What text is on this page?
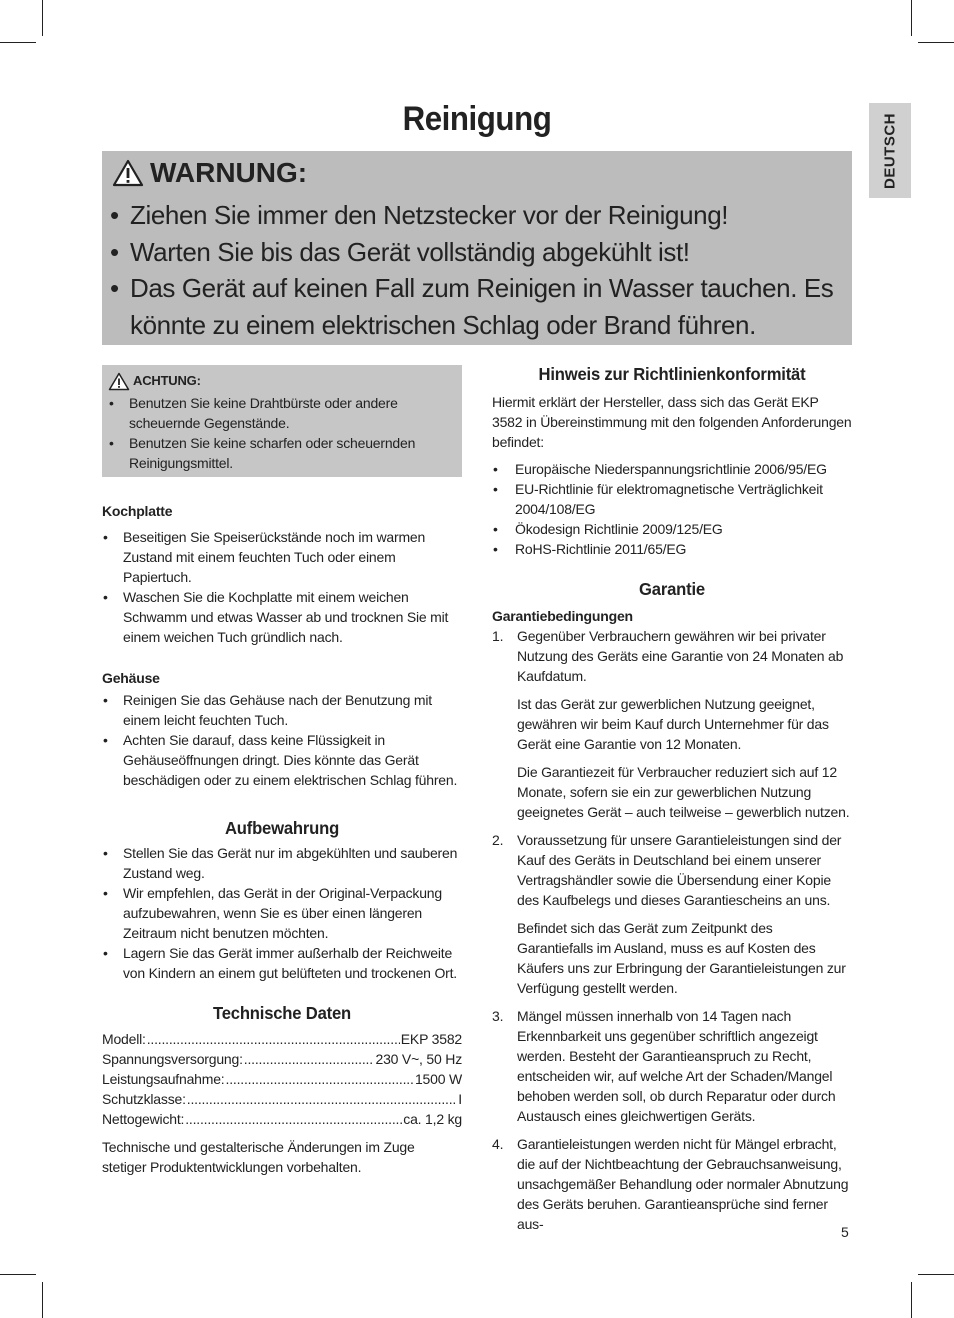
DEUTSCH
Reinigung
WARNUNG:
• Ziehen Sie immer den Netzstecker vor der Reinigung!
• Warten Sie bis das Gerät vollständig abgekühlt ist!
• Das Gerät auf keinen Fall zum Reinigen in Wasser tauchen. Es könnte zu einem elektrischen Schlag oder Brand führen.
ACHTUNG:
• Benutzen Sie keine Drahtbürste oder andere scheuernde Gegenstände.
• Benutzen Sie keine scharfen oder scheuernden Reinigungsmittel.
Kochplatte
• Beseitigen Sie Speiserückstände noch im warmen Zustand mit einem feuchten Tuch oder einem Papiertuch.
• Waschen Sie die Kochplatte mit einem weichen Schwamm und etwas Wasser ab und trocknen Sie mit einem weichen Tuch gründlich nach.
Gehäuse
• Reinigen Sie das Gehäuse nach der Benutzung mit einem leicht feuchten Tuch.
• Achten Sie darauf, dass keine Flüssigkeit in Gehäuseöffnungen dringt. Dies könnte das Gerät beschädigen oder zu einem elektrischen Schlag führen.
Aufbewahrung
• Stellen Sie das Gerät nur im abgekühlten und sauberen Zustand weg.
• Wir empfehlen, das Gerät in der Original-Verpackung aufzubewahren, wenn Sie es über einen längeren Zeitraum nicht benutzen möchten.
• Lagern Sie das Gerät immer außerhalb der Reichweite von Kindern an einem gut belüfteten und trockenen Ort.
Technische Daten
Modell: .....	EKP 3582
Spannungsversorgung: .....	230 V~, 50 Hz
Leistungsaufnahme: .....	1500 W
Schutzklasse: .....	I
Nettogewicht: .....	ca. 1,2 kg

Technische und gestalterische Änderungen im Zuge stetiger Produktentwicklungen vorbehalten.

Hinweis zur Richtlinienkonformität

Hiermit erklärt der Hersteller, dass sich das Gerät EKP 3582 in Übereinstimmung mit den folgenden Anforderungen befindet:

• Europäische Niederspannungsrichtlinie 2006/95/EG
• EU-Richtlinie für elektromagnetische Verträglichkeit 2004/108/EG
• Ökodesign Richtlinie 2009/125/EG
• RoHS-Richtlinie 2011/65/EG
Garantie
Garantiebedingungen
1. Gegenüber Verbrauchern gewähren wir bei privater Nutzung des Geräts eine Garantie von 24 Monaten ab Kaufdatum.

Ist das Gerät zur gewerblichen Nutzung geeignet, gewähren wir beim Kauf durch Unternehmer für das Gerät eine Garantie von 12 Monaten.

Die Garantiezeit für Verbraucher reduziert sich auf 12 Monate, sofern sie ein zur gewerblichen Nutzung geeignetes Gerät – auch teilweise – gewerblich nutzen.

2. Voraussetzung für unsere Garantieleistungen sind der Kauf des Geräts in Deutschland bei einem unserer Vertragshändler sowie die Übersendung einer Kopie des Kaufbelegs und dieses Garantiescheins an uns.

Befindet sich das Gerät zum Zeitpunkt des Garantiefalls im Ausland, muss es auf Kosten des Käufers uns zur Erbringung der Garantieleistungen zur Verfügung gestellt werden.

3. Mängel müssen innerhalb von 14 Tagen nach Erkennbarkeit uns gegenüber schriftlich angezeigt werden. Besteht der Garantieanspruch zu Recht, entscheiden wir, auf welche Art der Schaden/Mangel behoben werden soll, ob durch Reparatur oder durch Austausch eines gleichwertigen Geräts.

4. Garantieleistungen werden nicht für Mängel erbracht, die auf der Nichtbeachtung der Gebrauchsanweisung, unsachgemäßer Behandlung oder normaler Abnutzung des Geräts beruhen. Garantieansprüche sind ferner aus-	5
